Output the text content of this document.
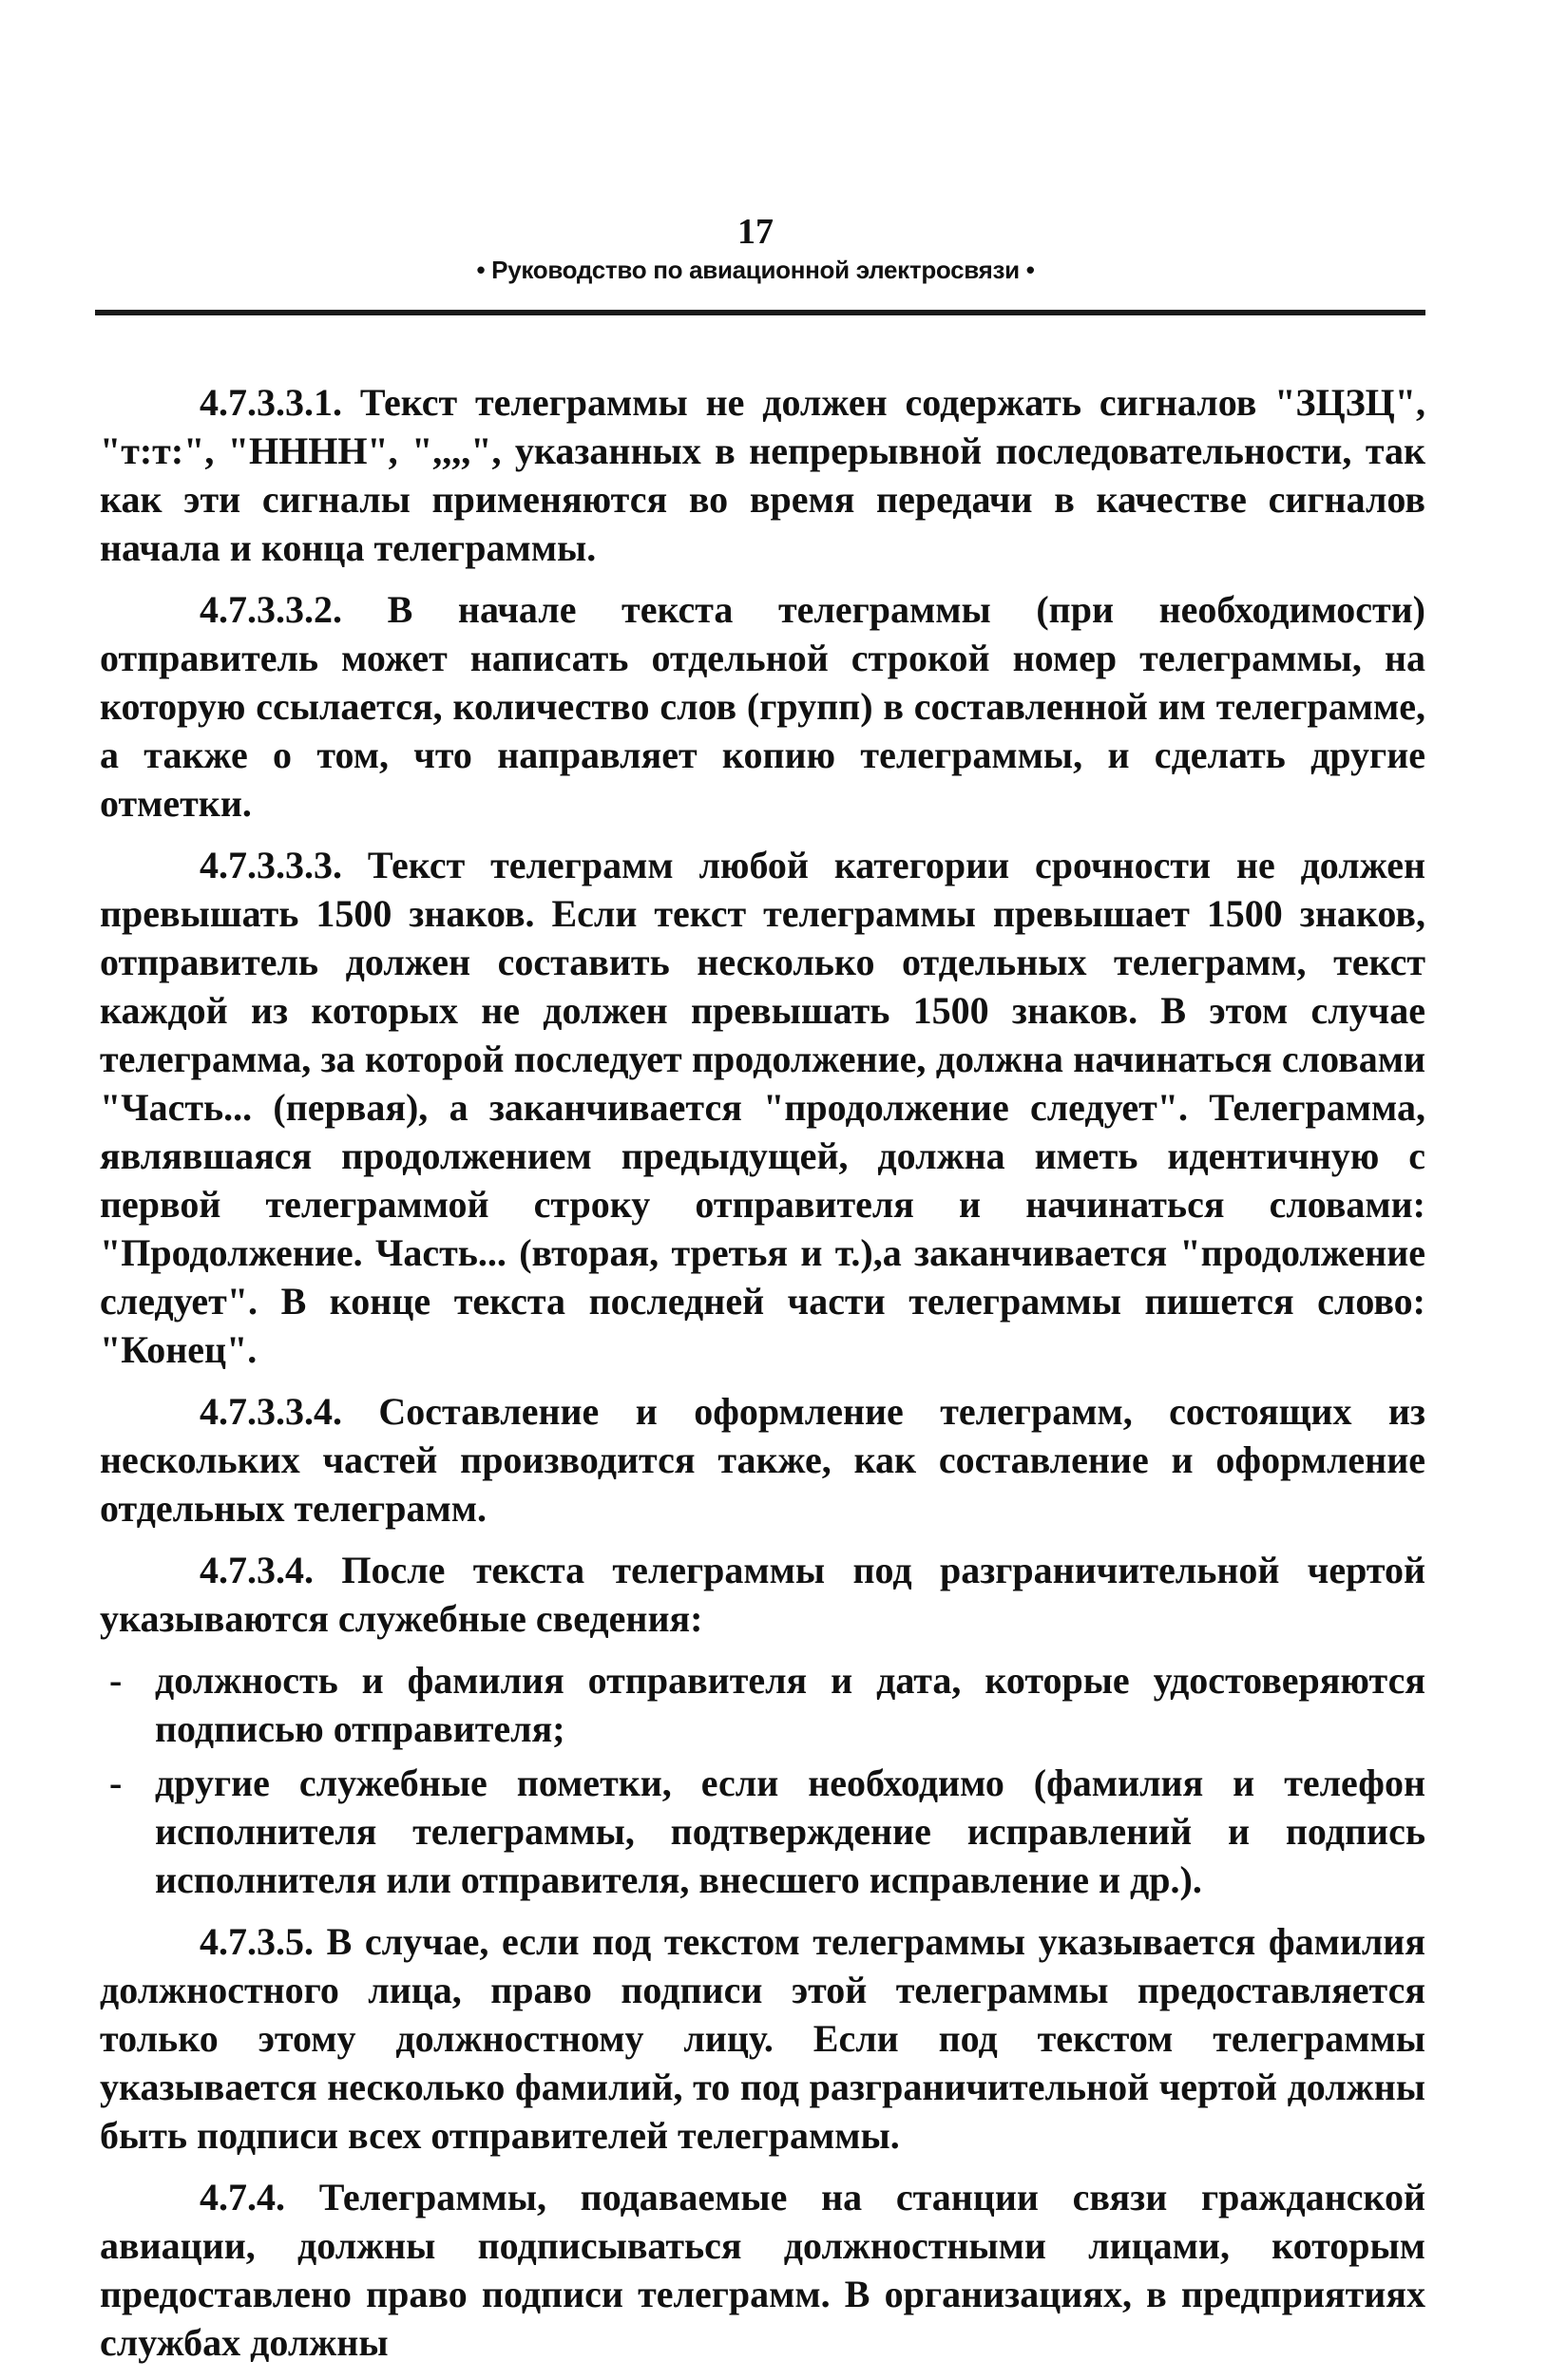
17
• Руководство по авиационной электросвязи •

4.7.3.3.1. Текст телеграммы не должен содержать сигналов "ЗЦЗЦ", "т:т:", "НННН", ",,,,", указанных в непрерывной последовательности, так как эти сигналы применяются во время передачи в качестве сигналов начала и конца телеграммы.

4.7.3.3.2. В начале текста телеграммы (при необходимости) отправитель может написать отдельной строкой номер телеграммы, на которую ссылается, количество слов (групп) в составленной им телеграмме, а также о том, что направляет копию телеграммы, и сделать другие отметки.

4.7.3.3.3. Текст телеграмм любой категории срочности не должен превышать 1500 знаков. Если текст телеграммы превышает 1500 знаков, отправитель должен составить несколько отдельных телеграмм, текст каждой из которых не должен превышать 1500 знаков. В этом случае телеграмма, за которой последует продолжение, должна начинаться словами "Часть... (первая), а заканчивается "продолжение следует". Телеграмма, являвшаяся продолжением предыдущей, должна иметь идентичную с первой телеграммой строку отправителя и начинаться словами: "Продолжение. Часть... (вторая, третья и т.),а заканчивается "продолжение следует". В конце текста последней части телеграммы пишется слово: "Конец".

4.7.3.3.4. Составление и оформление телеграмм, состоящих из нескольких частей производится также, как составление и оформление отдельных телеграмм.

4.7.3.4. После текста телеграммы под разграничительной чертой указываются служебные сведения:

- должность и фамилия отправителя и дата, которые удостоверяются подписью отправителя;
- другие служебные пометки, если необходимо (фамилия и телефон исполнителя телеграммы, подтверждение исправлений и подпись исполнителя или отправителя, внесшего исправление и др.).

4.7.3.5. В случае, если под текстом телеграммы указывается фамилия должностного лица, право подписи этой телеграммы предоставляется только этому должностному лицу. Если под текстом телеграммы указывается несколько фамилий, то под разграничительной чертой должны быть подписи всех отправителей телеграммы.

4.7.4. Телеграммы, подаваемые на станции связи гражданской авиации, должны подписываться должностными лицами, которым предоставлено право подписи телеграмм. В организациях, в предприятиях службах должны
